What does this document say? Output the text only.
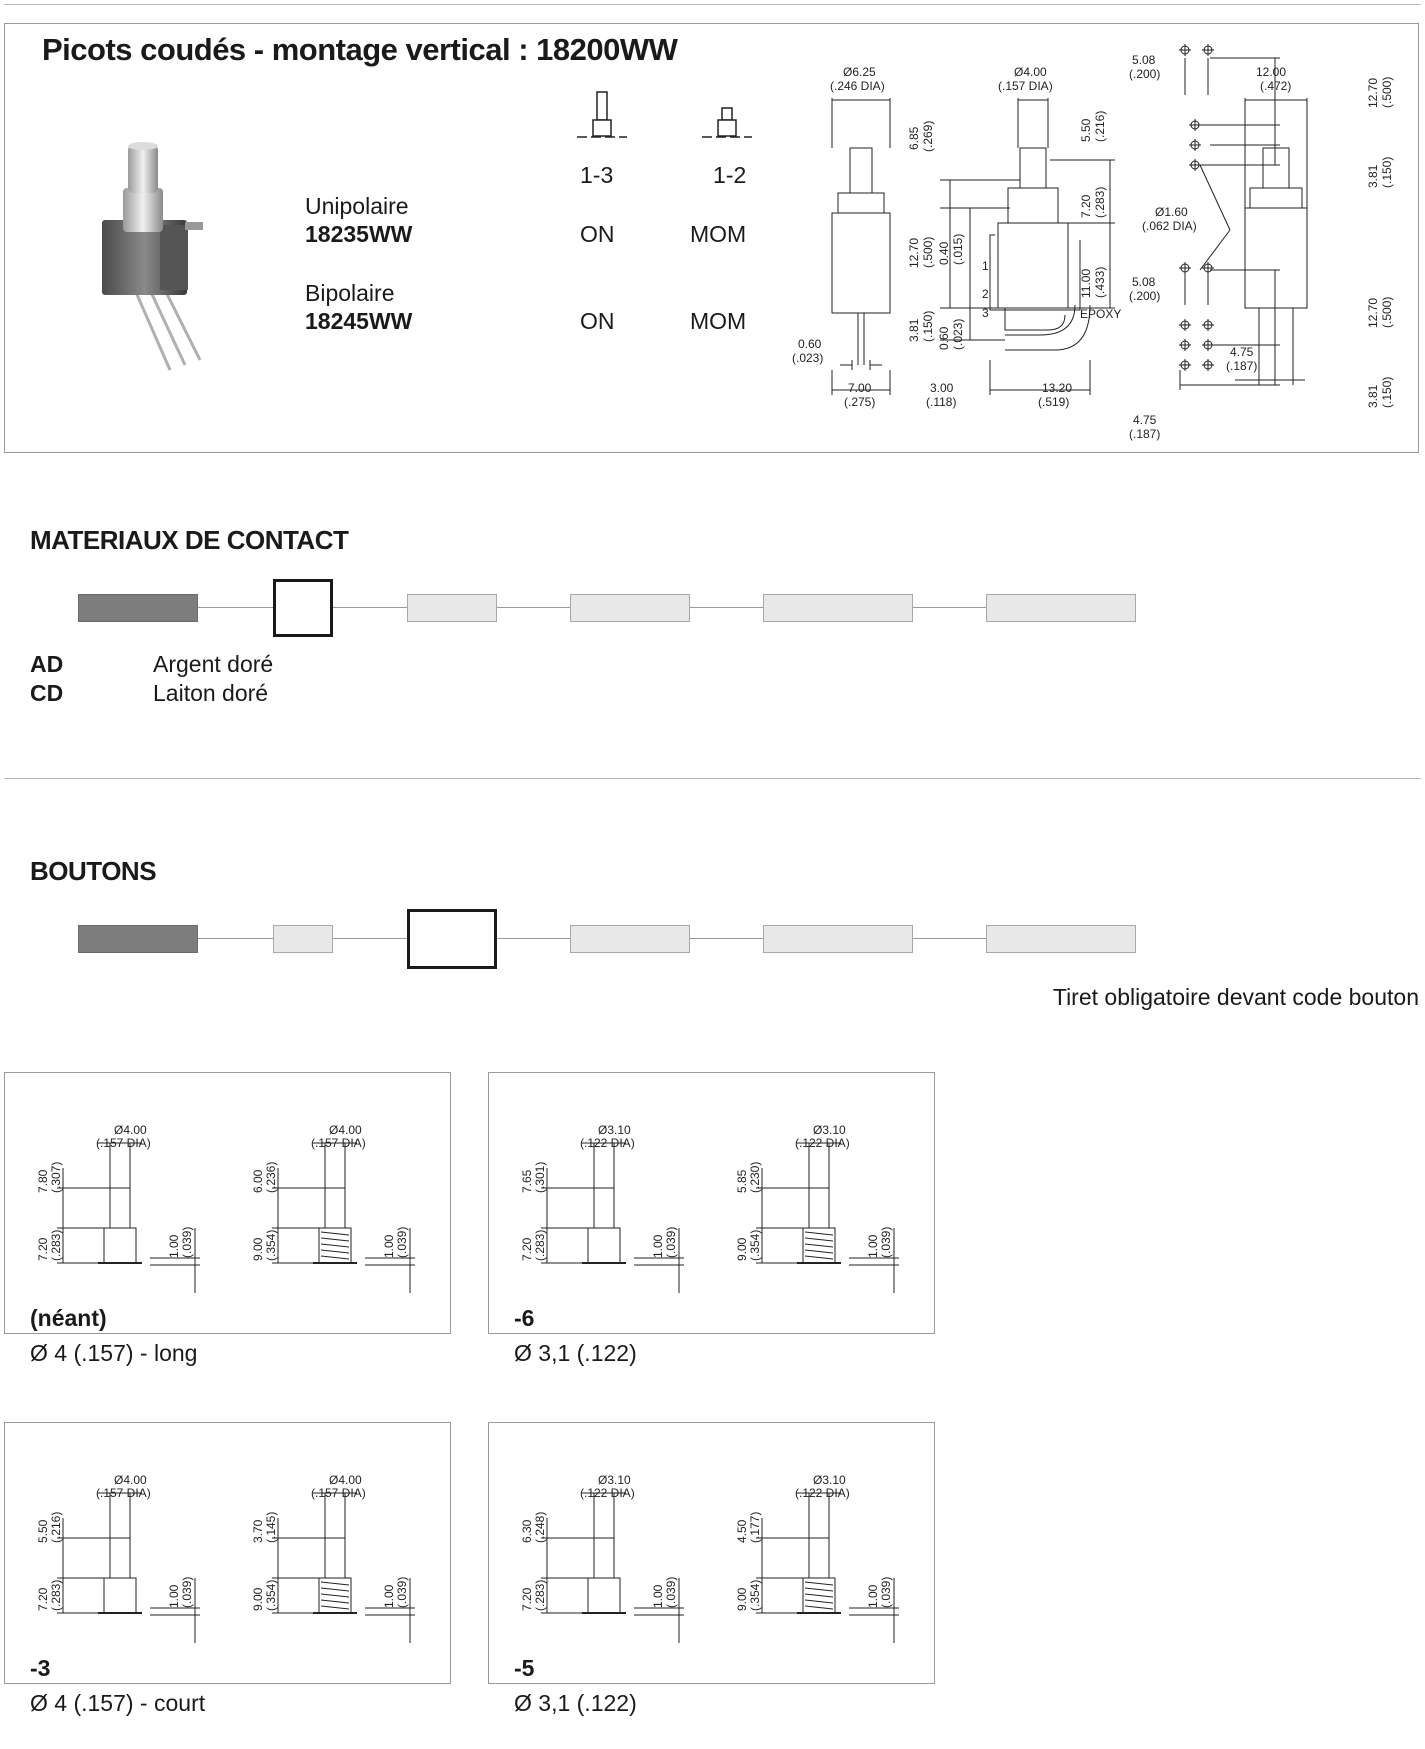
Picots coudés - montage vertical : 18200WW
1-3	1-2
Unipolaire
18235WW	ON	MOM
Bipolaire
18245WW	ON	MOM
Ø6.25
(.246 DIA)
Ø4.00
(.157 DIA)
12.00
(.472)
5.08
(.200)
5.08
(.200)
Ø1.60
(.062 DIA)
(.519)
13.20
3.00
(.118)
7.00
(.275)
0.60
(.023)	4.75
(.187)
4.75
(.187)
EPOXY
1
2
3
6.85 (.269)
12.70 (.500) 0.40 (.015)
3.81 (.150) 0.60 (.023)
5.50 (.216)
7.20 (.283)
11.00 (.433)
12.70 (.500)
3.81 (.150)
12.70 (.500)
3.81 (.150)
MATERIAUX DE CONTACT
AD	Argent doré
CD	Laiton doré
BOUTONS
Tiret obligatoire devant code bouton
Ø4.00
(.157 DIA)
7.80 (.307)
7.20 (.283)	1.00 (.039)
Ø4.00
(.157 DIA)
6.00 (.236)
9.00 (.354)	1.00 (.039)
(néant)
Ø 4 (.157) - long
Ø3.10
(.122 DIA)
7.65 (.301)
7.20 (.283)	1.00 (.039)
Ø3.10
(.122 DIA)
5.85 (.230)
9.00 (.354)	1.00 (.039)
-6
Ø 3,1 (.122)
Ø4.00
(.157 DIA)
5.50 (.216)
7.20 (.283)	1.00 (.039)
Ø4.00
(.157 DIA)
3.70 (.145)
9.00 (.354)	1.00 (.039)
-3
Ø 4 (.157) - court
Ø3.10
(.122 DIA)
6.30 (.248)
7.20 (.283)	1.00 (.039)
Ø3.10
(.122 DIA)
4.50 (.177)
9.00 (.354)	1.00 (.039)
-5
Ø 3,1 (.122)
